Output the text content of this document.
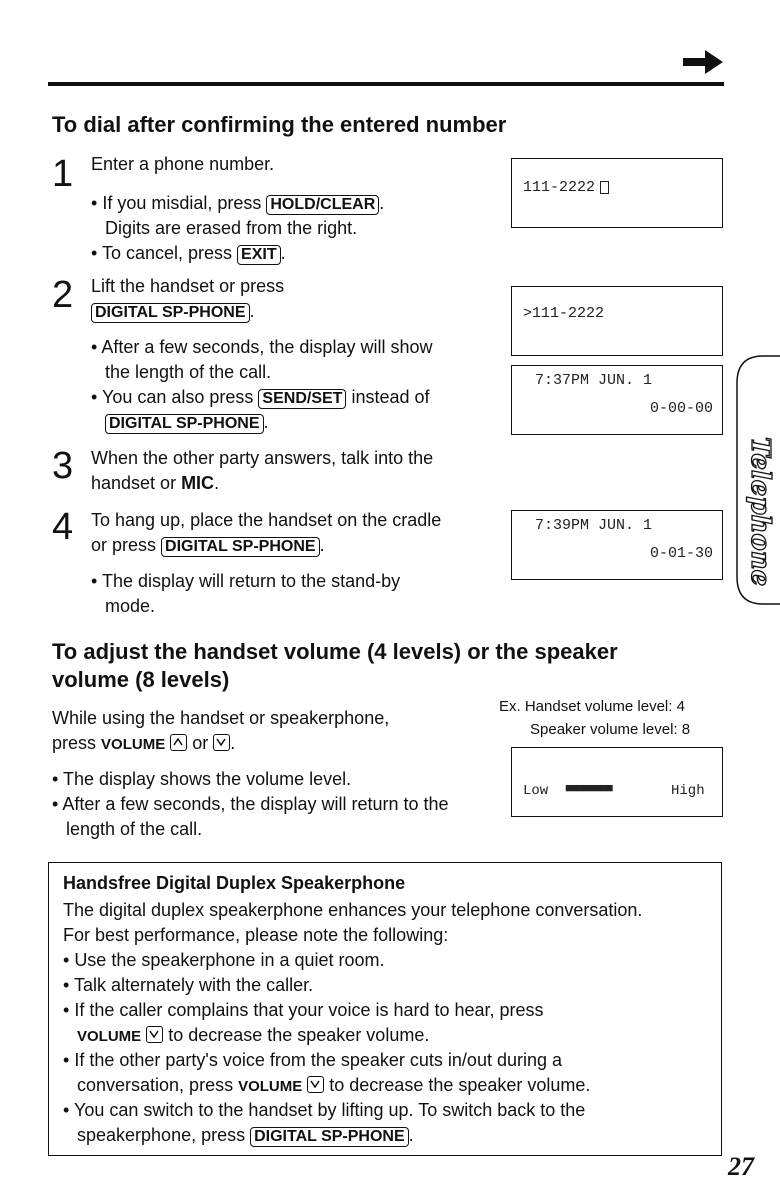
To dial after confirming the entered number
1 Enter a phone number.
• If you misdial, press HOLD/CLEAR .
Digits are erased from the right.
• To cancel, press EXIT .
2 Lift the handset or press
DIGITAL SP-PHONE .
• After a few seconds, the display will show
the length of the call.
• You can also press SEND/SET instead of
DIGITAL SP-PHONE .
3 When the other party answers, talk into the
handset or MIC.
4 To hang up, place the handset on the cradle
or press DIGITAL SP-PHONE .
• The display will return to the stand-by
mode.
111-2222
>111-2222
7:37PM JUN. 1
0-00-00
7:39PM JUN. 1
0-01-30 Telephone
To adjust the handset volume (4 levels) or the speaker
volume (8 levels)
While using the handset or speakerphone,
press VOLUME
or
.
• The display shows the volume level.
• After a few seconds, the display will return to the
length of the call.
Ex. Handset volume level: 4
Speaker volume level: 8
Low ■■■■■■■■	High
Handsfree Digital Duplex Speakerphone
The digital duplex speakerphone enhances your telephone conversation.
For best performance, please note the following:
• Use the speakerphone in a quiet room.
• Talk alternately with the caller.
• If the caller complains that your voice is hard to hear, press
VOLUME
to decrease the speaker volume.
• If the other party's voice from the speaker cuts in/out during a
conversation, press VOLUME
to decrease the speaker volume.
• You can switch to the handset by lifting up. To switch back to the
speakerphone, press DIGITAL SP-PHONE .
27
